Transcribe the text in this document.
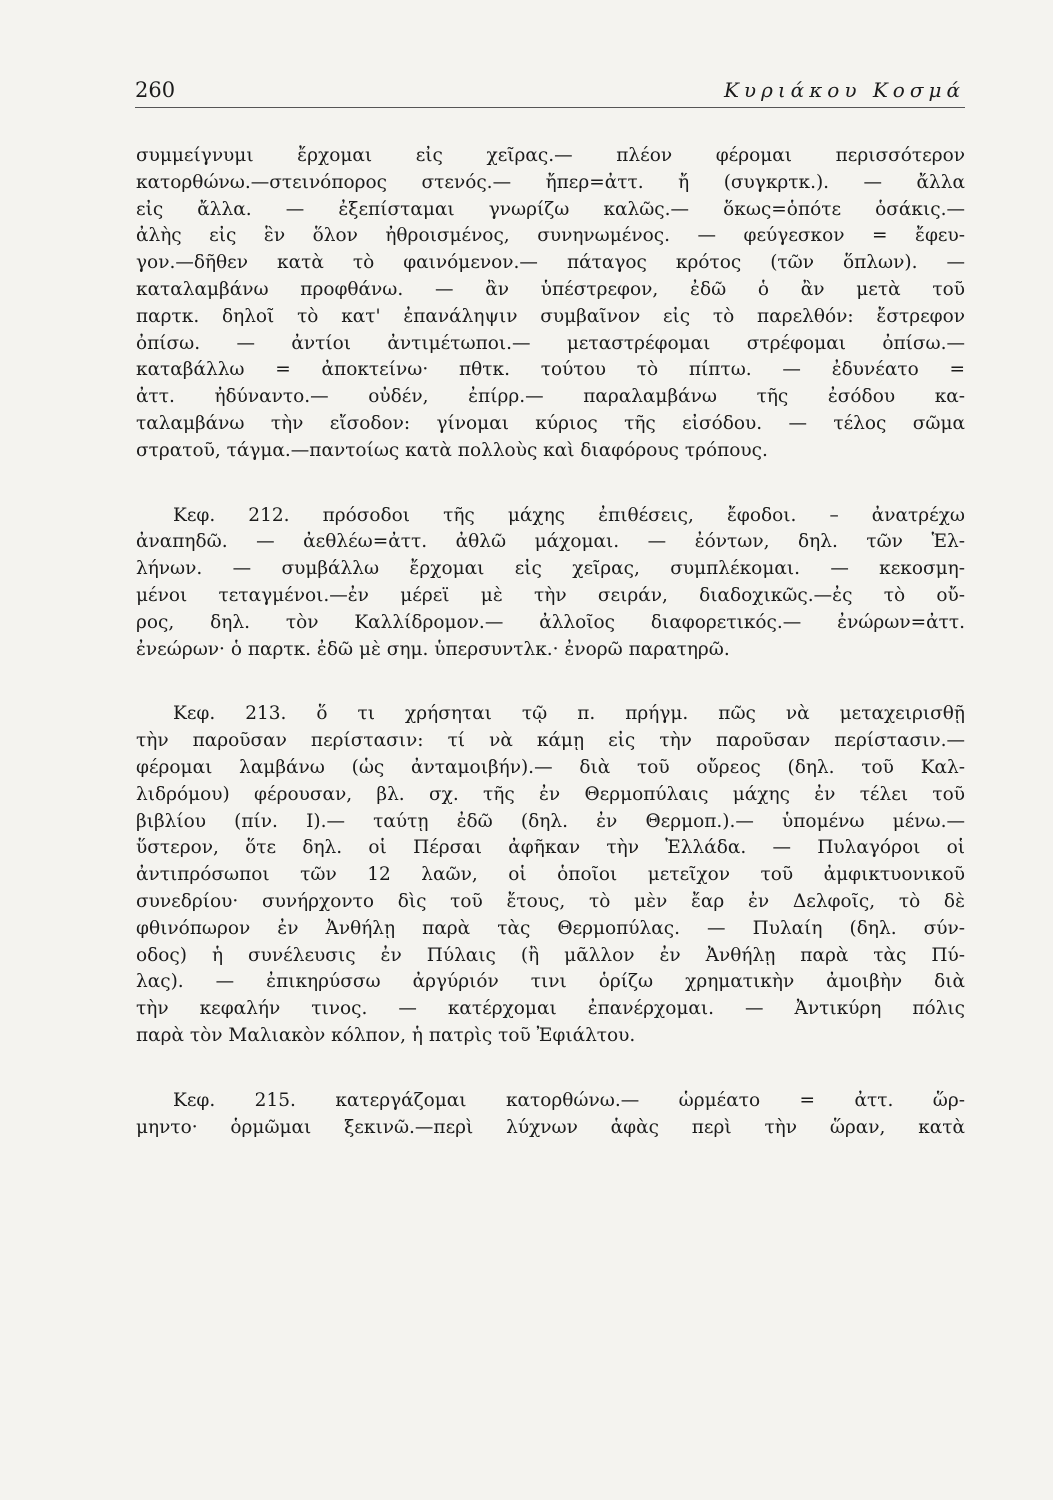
260	Κυριάκου Κοσμά
συμμείγνυμι ἔρχομαι εἰς χεῖρας.— πλέον φέρομαι περισσότερον
κατορθώνω.—στεινόπορος στενός.— ἤπερ=ἀττ. ἤ (συγκρτκ.). — ἄλλα
εἰς ἄλλα. — ἐξεπίσταμαι γνωρίζω καλῶς.— ὅκως=ὁπότε ὁσάκις.—
ἀλὴς εἰς ἓν ὅλον ἠθροισμένος, συνηνωμένος. — φεύγεσκον = ἔφευ-
γον.—δῆθεν κατὰ τὸ φαινόμενον.— πάταγος κρότος (τῶν ὅπλων). —
καταλαμβάνω προφθάνω. — ἂν ὑπέστρεφον, ἐδῶ ὁ ἂν μετὰ τοῦ
παρτκ. δηλοῖ τὸ κατ' ἐπανάληψιν συμβαῖνον εἰς τὸ παρελθόν: ἔστρεφον
ὀπίσω. — ἀντίοι ἀντιμέτωποι.— μεταστρέφομαι στρέφομαι ὀπίσω.—
καταβάλλω = ἀποκτείνω· πθτκ. τούτου τὸ πίπτω. — ἐδυνέατο =
ἀττ. ἠδύναντο.— οὐδέν, ἐπίρρ.— παραλαμβάνω τῆς ἐσόδου κα-
ταλαμβάνω τὴν εἴσοδον: γίνομαι κύριος τῆς εἰσόδου. — τέλος σῶμα
στρατοῦ, τάγμα.—παντοίως κατὰ πολλοὺς καὶ διαφόρους τρόπους.
Κεφ. 212. πρόσοδοι τῆς μάχης ἐπιθέσεις, ἔφοδοι. – ἀνατρέχω
ἀναπηδῶ. — ἀεθλέω=ἀττ. ἀθλῶ μάχομαι. — ἐόντων, δηλ. τῶν Ἑλ-
λήνων. — συμβάλλω ἔρχομαι εἰς χεῖρας, συμπλέκομαι. — κεκοσμη-
μένοι τεταγμένοι.—ἐν μέρεϊ μὲ τὴν σειράν, διαδοχικῶς.—ἐς τὸ οὔ-
ρος, δηλ. τὸν Καλλίδρομον.— ἀλλοῖος διαφορετικός.— ἐνώρων=ἀττ.
ἐνεώρων· ὁ παρτκ. ἐδῶ μὲ σημ. ὑπερσυντλκ.· ἐνορῶ παρατηρῶ.
Κεφ. 213. ὅ τι χρήσηται τῷ π. πρήγμ. πῶς νὰ μεταχειρισθῇ
τὴν παροῦσαν περίστασιν: τί νὰ κάμῃ εἰς τὴν παροῦσαν περίστασιν.—
φέρομαι λαμβάνω (ὡς ἀνταμοιβήν).— διὰ τοῦ οὔρεος (δηλ. τοῦ Καλ-
λιδρόμου) φέρουσαν, βλ. σχ. τῆς ἐν Θερμοπύλαις μάχης ἐν τέλει τοῦ
βιβλίου (πίν. Ι).— ταύτῃ ἐδῶ (δηλ. ἐν Θερμοπ.).— ὑπομένω μένω.—
ὕστερον, ὅτε δηλ. οἱ Πέρσαι ἀφῆκαν τὴν Ἑλλάδα. — Πυλαγόροι οἱ
ἀντιπρόσωποι τῶν 12 λαῶν, οἱ ὁποῖοι μετεῖχον τοῦ ἀμφικτυονικοῦ
συνεδρίου· συνήρχοντο δὶς τοῦ ἔτους, τὸ μὲν ἔαρ ἐν Δελφοῖς, τὸ δὲ
φθινόπωρον ἐν Ἀνθήλῃ παρὰ τὰς Θερμοπύλας. — Πυλαίη (δηλ. σύν-
οδος) ἡ συνέλευσις ἐν Πύλαις (ἢ μᾶλλον ἐν Ἀνθήλῃ παρὰ τὰς Πύ-
λας). — ἐπικηρύσσω ἀργύριόν τινι ὁρίζω χρηματικὴν ἀμοιβὴν διὰ
τὴν κεφαλήν τινος. — κατέρχομαι ἐπανέρχομαι. — Ἀντικύρη πόλις
παρὰ τὸν Μαλιακὸν κόλπον, ἡ πατρὶς τοῦ Ἐφιάλτου.
Κεφ. 215. κατεργάζομαι κατορθώνω.— ὡρμέατο = ἀττ. ὥρ-
μηντο· ὁρμῶμαι ξεκινῶ.—περὶ λύχνων ἁφὰς περὶ τὴν ὥραν, κατὰ
